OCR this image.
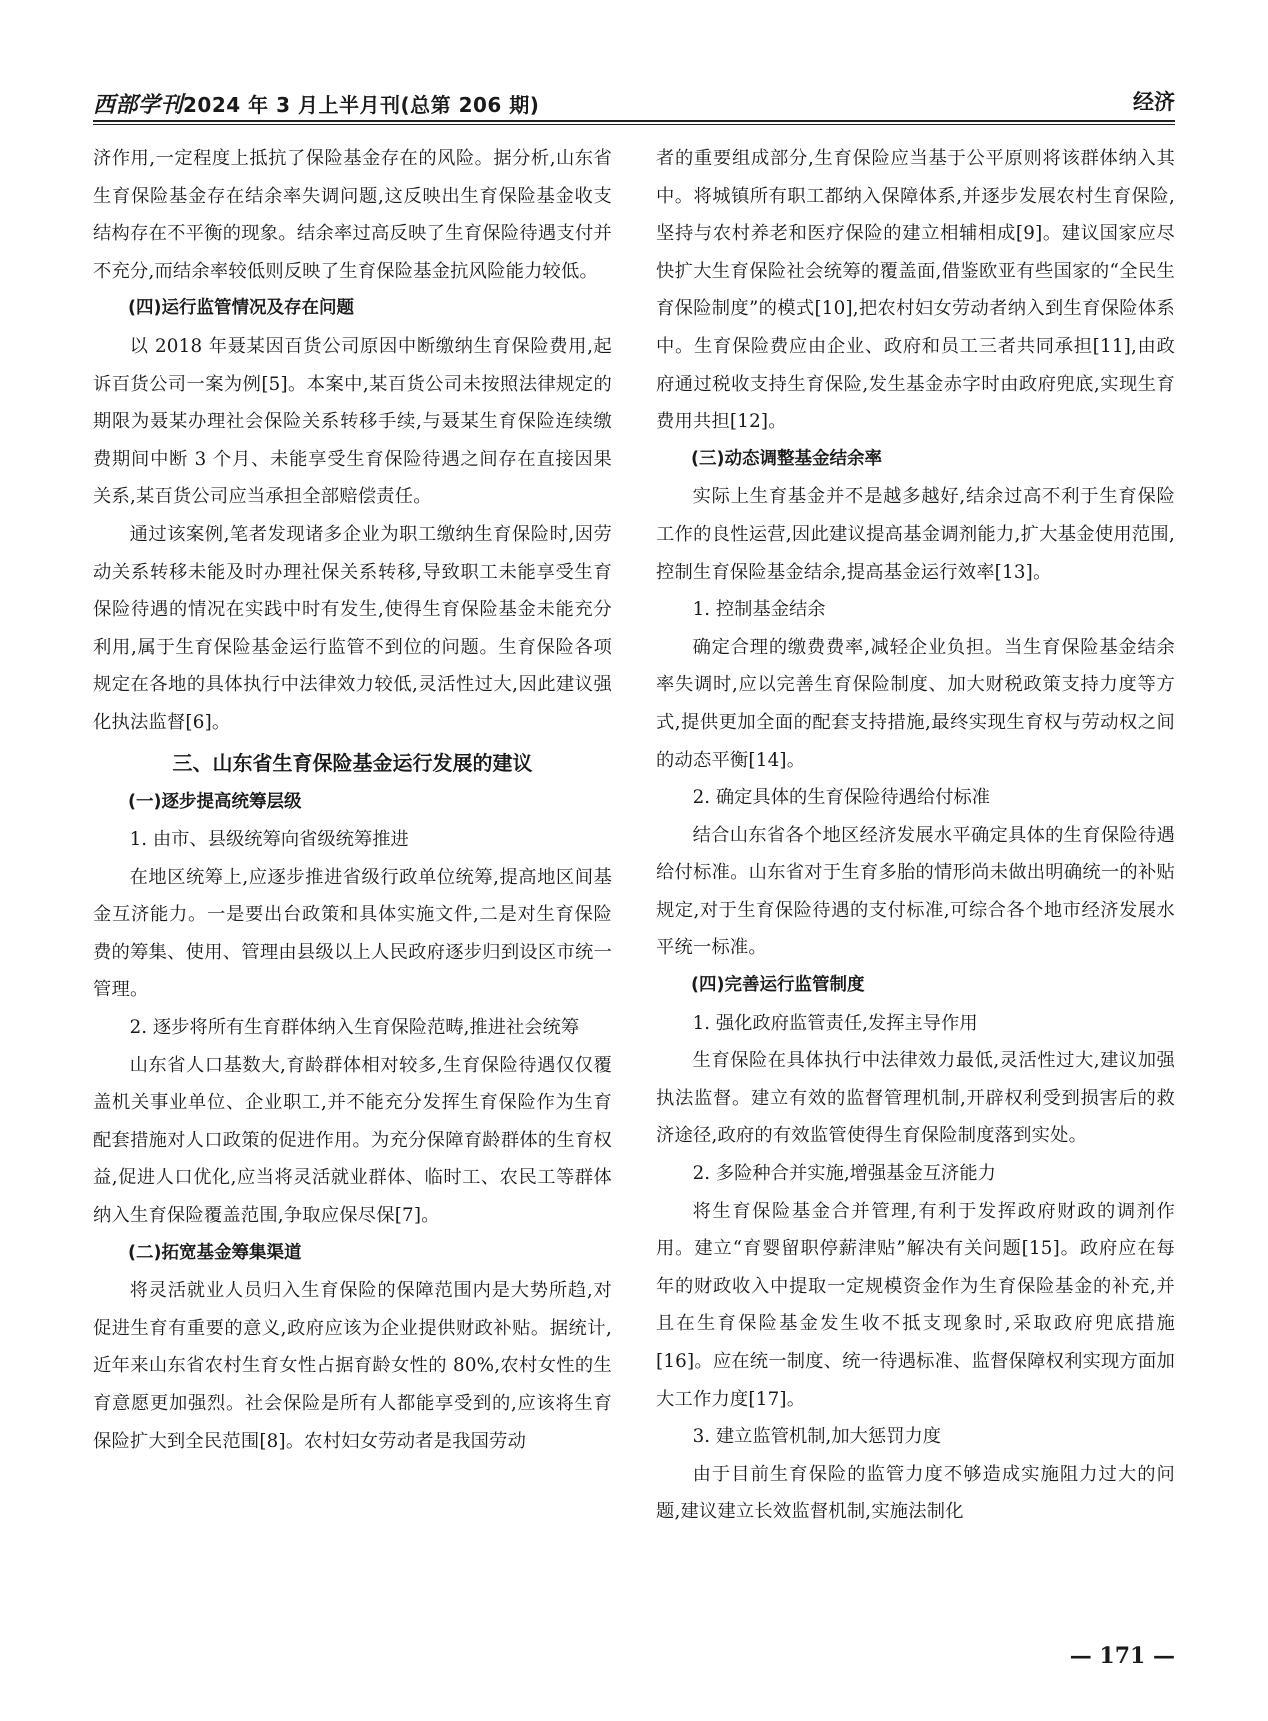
西部学刊2024 年 3 月上半月刊(总第 206 期)	经济

济作用,一定程度上抵抗了保险基金存在的风险。据分析,山东省生育保险基金存在结余率失调问题,这反映出生育保险基金收支结构存在不平衡的现象。结余率过高反映了生育保险待遇支付并不充分,而结余率较低则反映了生育保险基金抗风险能力较低。

(四)运行监管情况及存在问题

以 2018 年聂某因百货公司原因中断缴纳生育保险费用,起诉百货公司一案为例[5]。本案中,某百货公司未按照法律规定的期限为聂某办理社会保险关系转移手续,与聂某生育保险连续缴费期间中断 3 个月、未能享受生育保险待遇之间存在直接因果关系,某百货公司应当承担全部赔偿责任。

通过该案例,笔者发现诸多企业为职工缴纳生育保险时,因劳动关系转移未能及时办理社保关系转移,导致职工未能享受生育保险待遇的情况在实践中时有发生,使得生育保险基金未能充分利用,属于生育保险基金运行监管不到位的问题。生育保险各项规定在各地的具体执行中法律效力较低,灵活性过大,因此建议强化执法监督[6]。

三、山东省生育保险基金运行发展的建议
(一)逐步提高统筹层级
1. 由市、县级统筹向省级统筹推进

在地区统筹上,应逐步推进省级行政单位统筹,提高地区间基金互济能力。一是要出台政策和具体实施文件,二是对生育保险费的筹集、使用、管理由县级以上人民政府逐步归到设区市统一管理。

2. 逐步将所有生育群体纳入生育保险范畴,推进社会统筹

山东省人口基数大,育龄群体相对较多,生育保险待遇仅仅覆盖机关事业单位、企业职工,并不能充分发挥生育保险作为生育配套措施对人口政策的促进作用。为充分保障育龄群体的生育权益,促进人口优化,应当将灵活就业群体、临时工、农民工等群体纳入生育保险覆盖范围,争取应保尽保[7]。

(二)拓宽基金筹集渠道

将灵活就业人员归入生育保险的保障范围内是大势所趋,对促进生育有重要的意义,政府应该为企业提供财政补贴。据统计,近年来山东省农村生育女性占据育龄女性的 80%,农村女性的生育意愿更加强烈。社会保险是所有人都能享受到的,应该将生育保险扩大到全民范围[8]。农村妇女劳动者是我国劳动

者的重要组成部分,生育保险应当基于公平原则将该群体纳入其中。将城镇所有职工都纳入保障体系,并逐步发展农村生育保险,坚持与农村养老和医疗保险的建立相辅相成[9]。建议国家应尽快扩大生育保险社会统筹的覆盖面,借鉴欧亚有些国家的“全民生育保险制度”的模式[10],把农村妇女劳动者纳入到生育保险体系中。生育保险费应由企业、政府和员工三者共同承担[11],由政府通过税收支持生育保险,发生基金赤字时由政府兜底,实现生育费用共担[12]。

(三)动态调整基金结余率

实际上生育基金并不是越多越好,结余过高不利于生育保险工作的良性运营,因此建议提高基金调剂能力,扩大基金使用范围,控制生育保险基金结余,提高基金运行效率[13]。

1. 控制基金结余

确定合理的缴费费率,减轻企业负担。当生育保险基金结余率失调时,应以完善生育保险制度、加大财税政策支持力度等方式,提供更加全面的配套支持措施,最终实现生育权与劳动权之间的动态平衡[14]。

2. 确定具体的生育保险待遇给付标准

结合山东省各个地区经济发展水平确定具体的生育保险待遇给付标准。山东省对于生育多胎的情形尚未做出明确统一的补贴规定,对于生育保险待遇的支付标准,可综合各个地市经济发展水平统一标准。

(四)完善运行监管制度
1. 强化政府监管责任,发挥主导作用

生育保险在具体执行中法律效力最低,灵活性过大,建议加强执法监督。建立有效的监督管理机制,开辟权利受到损害后的救济途径,政府的有效监管使得生育保险制度落到实处。

2. 多险种合并实施,增强基金互济能力

将生育保险基金合并管理,有利于发挥政府财政的调剂作用。建立“育婴留职停薪津贴”解决有关问题[15]。政府应在每年的财政收入中提取一定规模资金作为生育保险基金的补充,并且在生育保险基金发生收不抵支现象时,采取政府兜底措施[16]。应在统一制度、统一待遇标准、监督保障权利实现方面加大工作力度[17]。

3. 建立监管机制,加大惩罚力度

由于目前生育保险的监管力度不够造成实施阻力过大的问题,建议建立长效监督机制,实施法制化

— 171 —
